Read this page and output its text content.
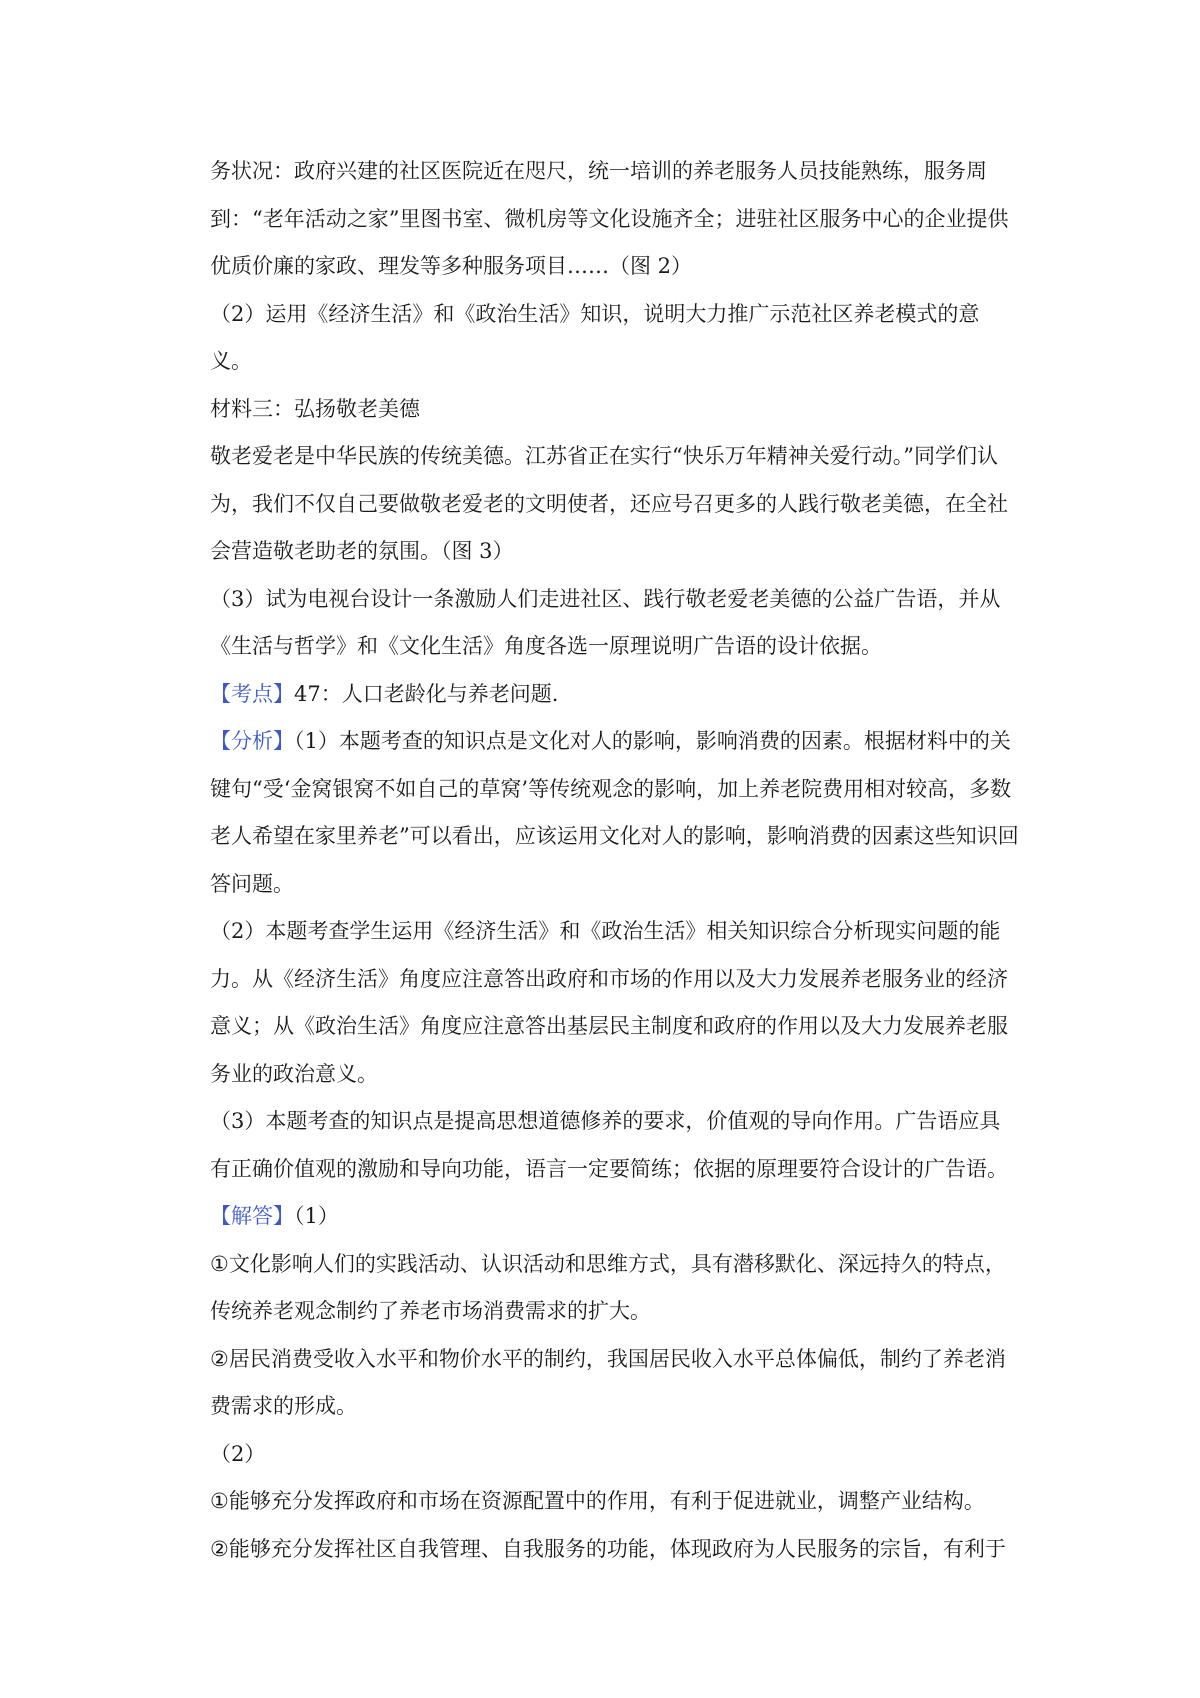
务状况：政府兴建的社区医院近在咫尺，统一培训的养老服务人员技能熟练，服务周到：“老年活动之家”里图书室、微机房等文化设施齐全；进驻社区服务中心的企业提供优质价廉的家政、理发等多种服务项目……（图 2）

（2）运用《经济生活》和《政治生活》知识，说明大力推广示范社区养老模式的意义。

材料三：弘扬敬老美德

敬老爱老是中华民族的传统美德。江苏省正在实行“快乐万年精神关爱行动。”同学们认为，我们不仅自己要做敬老爱老的文明使者，还应号召更多的人践行敬老美德，在全社会营造敬老助老的氛围。（图 3）

（3）试为电视台设计一条激励人们走进社区、践行敬老爱老美德的公益广告语，并从《生活与哲学》和《文化生活》角度各选一原理说明广告语的设计依据。

【考点】47：人口老龄化与养老问题.

【分析】（1）本题考查的知识点是文化对人的影响，影响消费的因素。根据材料中的关键句“受‘金窝银窝不如自己的草窝’等传统观念的影响，加上养老院费用相对较高，多数老人希望在家里养老”可以看出，应该运用文化对人的影响，影响消费的因素这些知识回答问题。

（2）本题考查学生运用《经济生活》和《政治生活》相关知识综合分析现实问题的能力。从《经济生活》角度应注意答出政府和市场的作用以及大力发展养老服务业的经济意义；从《政治生活》角度应注意答出基层民主制度和政府的作用以及大力发展养老服务业的政治意义。

（3）本题考查的知识点是提高思想道德修养的要求，价值观的导向作用。广告语应具有正确价值观的激励和导向功能，语言一定要简练；依据的原理要符合设计的广告语。

【解答】（1）

①文化影响人们的实践活动、认识活动和思维方式，具有潜移默化、深远持久的特点，传统养老观念制约了养老市场消费需求的扩大。

②居民消费受收入水平和物价水平的制约，我国居民收入水平总体偏低，制约了养老消费需求的形成。

（2）

①能够充分发挥政府和市场在资源配置中的作用，有利于促进就业，调整产业结构。

②能够充分发挥社区自我管理、自我服务的功能，体现政府为人民服务的宗旨，有利于
